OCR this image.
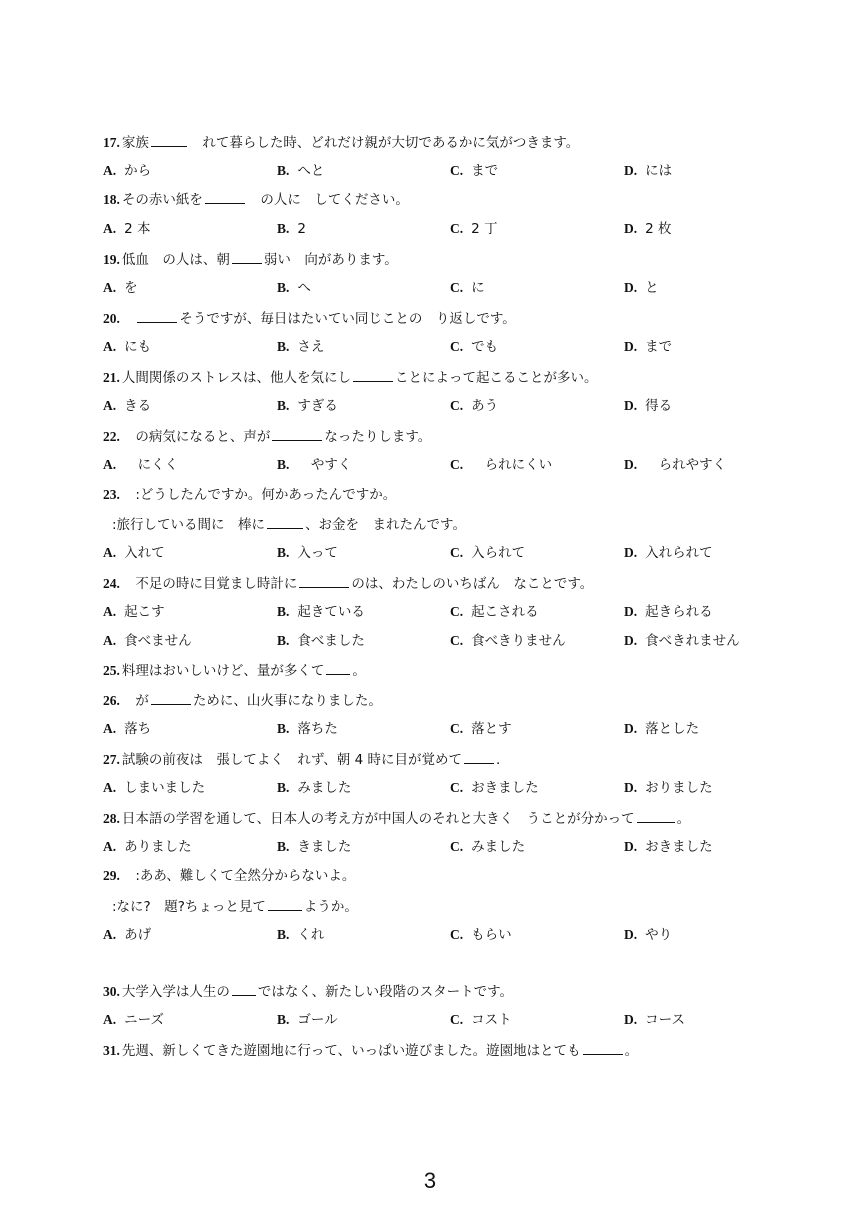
17. 家族	　れて暮らした時、どれだけ親が大切であるかに気がつきます。
A. から	B. へと	C. まで	D. には
18. その赤い紙を	　の人に　してください。
A. 2 本	B. 2	C. 2 丁	D. 2 枚
19. 低血　の人は、朝	弱い　向があります。
A. を	B. へ	C. に	D. と
20.　	そうですが、毎日はたいてい同じことの　り返しです。
A. にも	B. さえ	C. でも	D. まで
21. 人間関係のストレスは、他人を気にし	ことによって起こることが多い。
A. きる	B. すぎる	C. あう	D. 得る
22.　の病気になると、声が	なったりします。
A.　にくく	B.　やすく	C.　られにくい	D.　られやすく
23.　:どうしたんですか。何かあったんですか。
:旅行している間に　棒に	、お金を　まれたんです。
A. 入れて	B. 入って	C. 入られて	D. 入れられて
24.　不足の時に目覚まし時計に	のは、わたしのいちばん　なことです。
A. 起こす	B. 起きている	C. 起こされる	D. 起きられる
25. 料理はおいしいけど、量が多くて 。
A. 食べません	B. 食べました	C. 食べきりません	D. 食べきれません
26.　が	ために、山火事になりました。
A. 落ち	B. 落ちた	C. 落とす	D. 落とした
27. 試験の前夜は　張してよく　れず、朝 4 時に目が覚めて	.
A. しまいました	B. みました	C. おきました	D. おりました
28. 日本語の学習を通して、日本人の考え方が中国人のそれと大きく　うことが分かって	。
A. ありました	B. きました	C. みました	D. おきました
29.　:ああ、難しくて全然分からないよ。
:なに?　題?ちょっと見て	ようか。
A. あげ	B. くれ	C. もらい	D. やり
30. 大学入学は人生の ではなく、新たしい段階のスタートです。
A. ニーズ	B. ゴール	C. コスト	D. コース
31. 先週、新しくてきた遊園地に行って、いっぱい遊びました。遊園地はとても	。
3
